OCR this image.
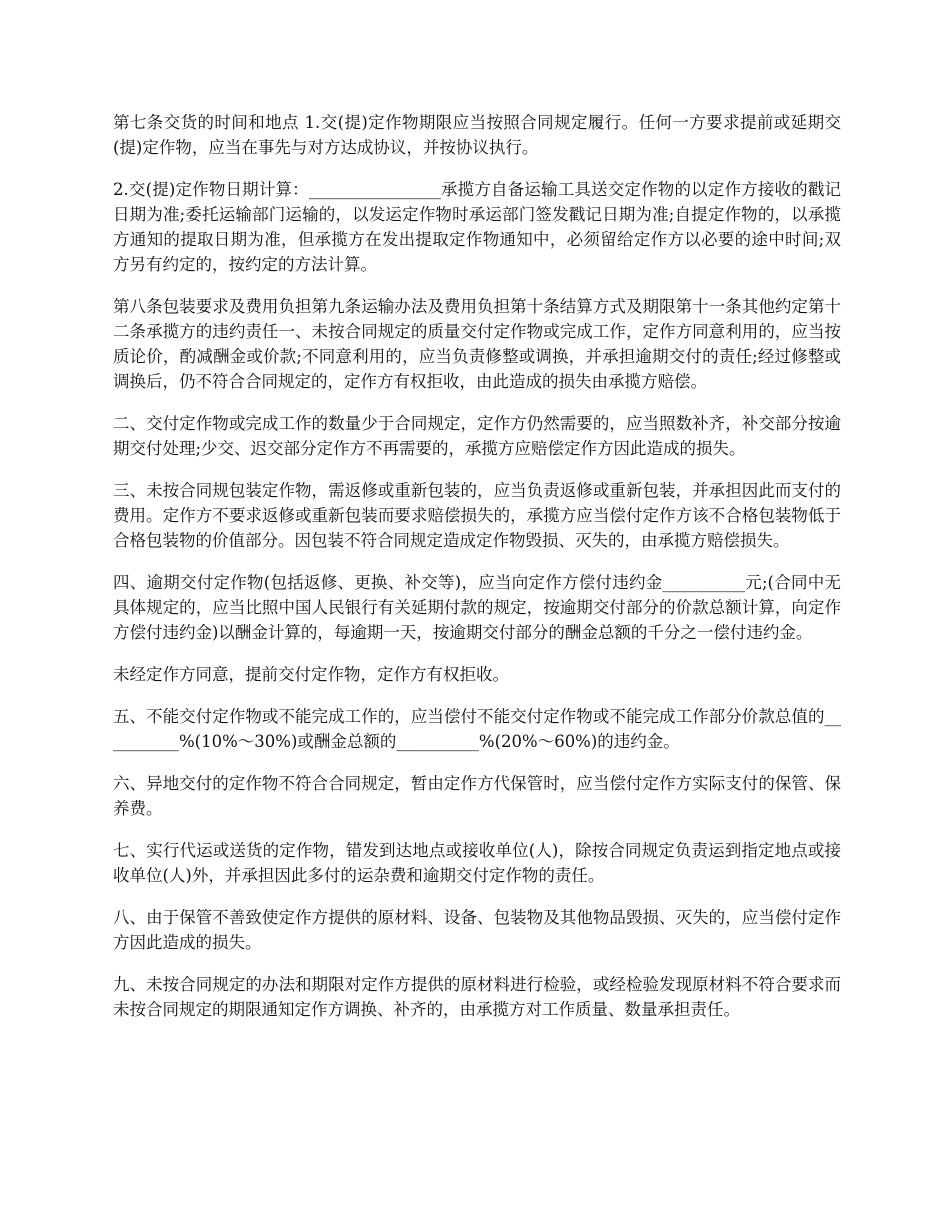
第七条交货的时间和地点 1.交(提)定作物期限应当按照合同规定履行。任何一方要求提前或延期交(提)定作物，应当在事先与对方达成协议，并按协议执行。

2.交(提)定作物日期计算：________________承揽方自备运输工具送交定作物的以定作方接收的戳记日期为准;委托运输部门运输的，以发运定作物时承运部门签发戳记日期为准;自提定作物的，以承揽方通知的提取日期为准，但承揽方在发出提取定作物通知中，必须留给定作方以必要的途中时间;双方另有约定的，按约定的方法计算。

第八条包装要求及费用负担第九条运输办法及费用负担第十条结算方式及期限第十一条其他约定第十二条承揽方的违约责任一、未按合同规定的质量交付定作物或完成工作，定作方同意利用的，应当按质论价，酌减酬金或价款;不同意利用的，应当负责修整或调换，并承担逾期交付的责任;经过修整或调换后，仍不符合合同规定的，定作方有权拒收，由此造成的损失由承揽方赔偿。

二、交付定作物或完成工作的数量少于合同规定，定作方仍然需要的，应当照数补齐，补交部分按逾期交付处理;少交、迟交部分定作方不再需要的，承揽方应赔偿定作方因此造成的损失。

三、未按合同规包装定作物，需返修或重新包装的，应当负责返修或重新包装，并承担因此而支付的费用。定作方不要求返修或重新包装而要求赔偿损失的，承揽方应当偿付定作方该不合格包装物低于合格包装物的价值部分。因包装不符合同规定造成定作物毁损、灭失的，由承揽方赔偿损失。

四、逾期交付定作物(包括返修、更换、补交等)，应当向定作方偿付违约金__________元;(合同中无具体规定的，应当比照中国人民银行有关延期付款的规定，按逾期交付部分的价款总额计算，向定作方偿付违约金)以酬金计算的，每逾期一天，按逾期交付部分的酬金总额的千分之一偿付违约金。

未经定作方同意，提前交付定作物，定作方有权拒收。

五、不能交付定作物或不能完成工作的，应当偿付不能交付定作物或不能完成工作部分价款总值的__________%(10%～30%)或酬金总额的__________%(20%～60%)的违约金。

六、异地交付的定作物不符合合同规定，暂由定作方代保管时，应当偿付定作方实际支付的保管、保养费。

七、实行代运或送货的定作物，错发到达地点或接收单位(人)，除按合同规定负责运到指定地点或接收单位(人)外，并承担因此多付的运杂费和逾期交付定作物的责任。

八、由于保管不善致使定作方提供的原材料、设备、包装物及其他物品毁损、灭失的，应当偿付定作方因此造成的损失。

九、未按合同规定的办法和期限对定作方提供的原材料进行检验，或经检验发现原材料不符合要求而未按合同规定的期限通知定作方调换、补齐的，由承揽方对工作质量、数量承担责任。
